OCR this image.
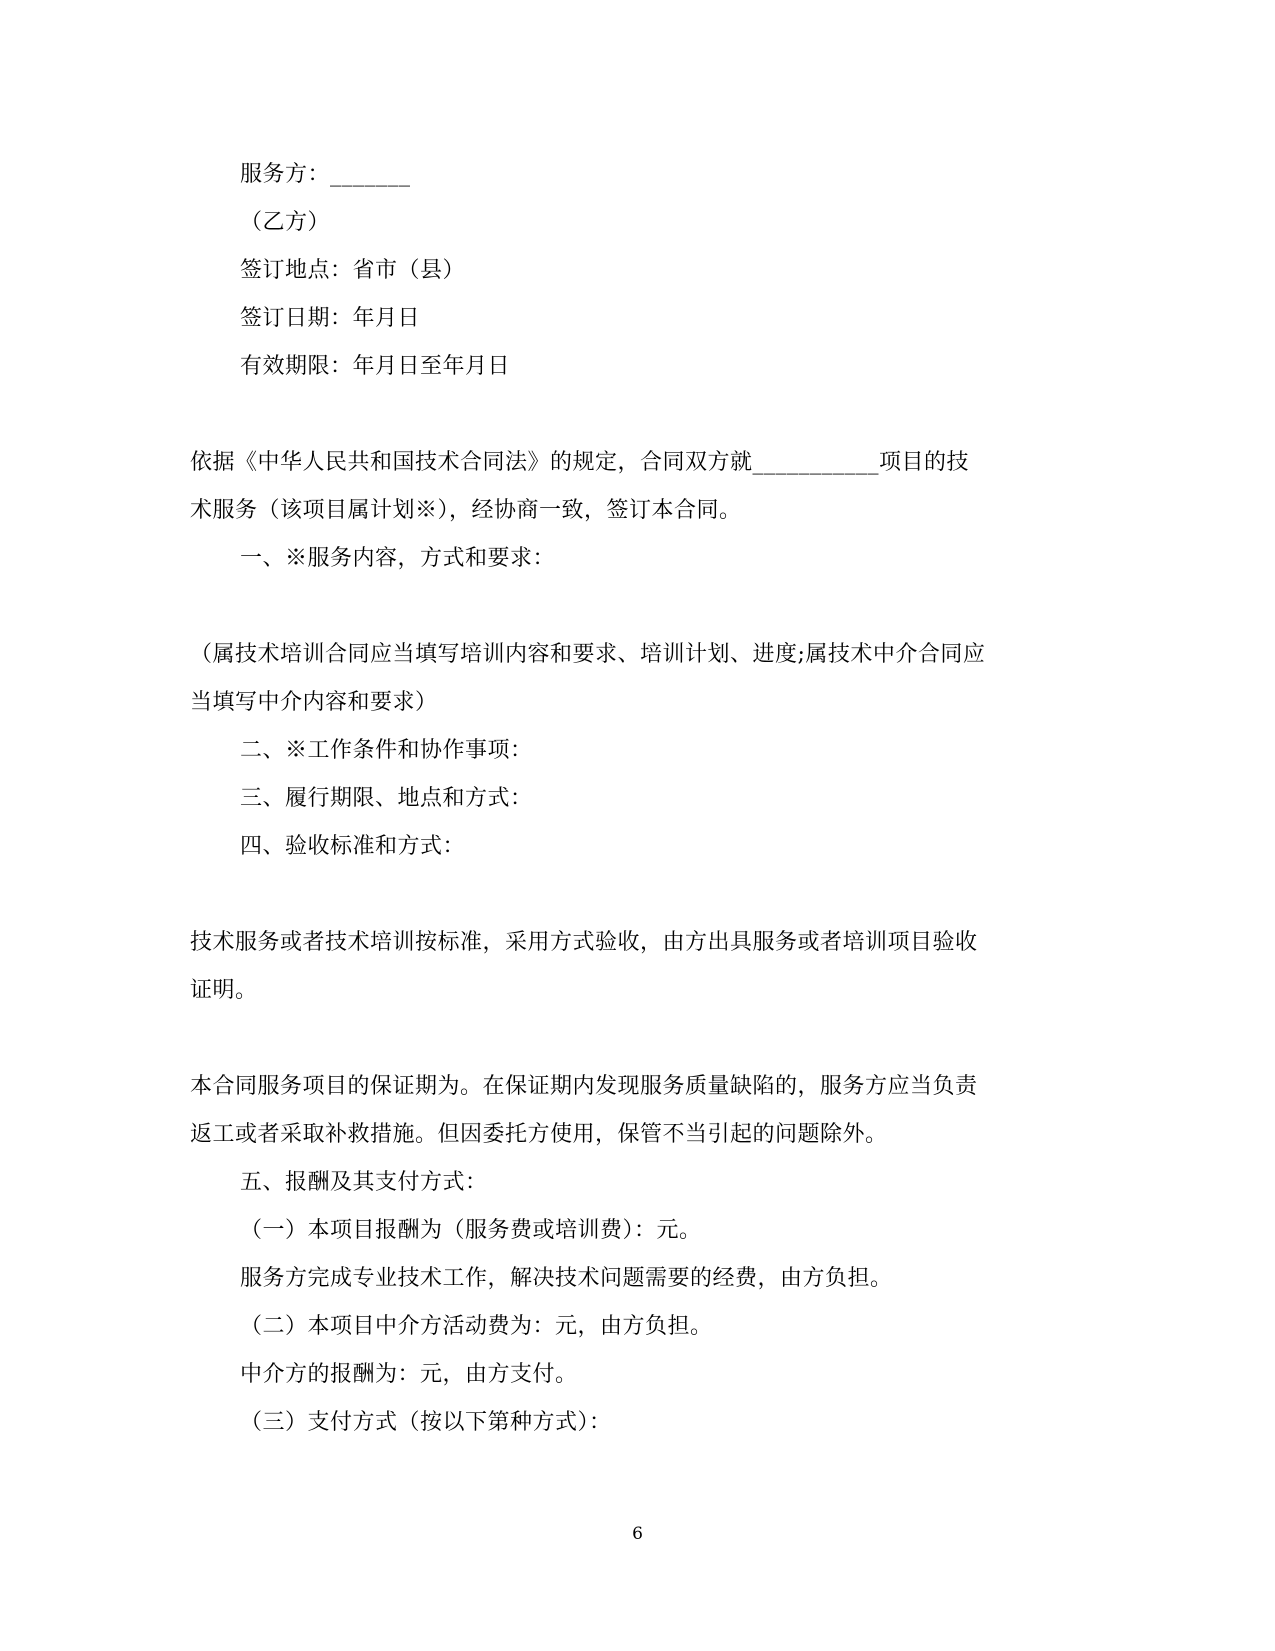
服务方：_______
（乙方）
签订地点：省市（县）
签订日期：年月日
有效期限：年月日至年月日
依据《中华人民共和国技术合同法》的规定，合同双方就___________项目的技
术服务（该项目属计划※），经协商一致，签订本合同。
一、※服务内容，方式和要求：
（属技术培训合同应当填写培训内容和要求、培训计划、进度;属技术中介合同应
当填写中介内容和要求）
二、※工作条件和协作事项：
三、履行期限、地点和方式：
四、验收标准和方式：
技术服务或者技术培训按标准，采用方式验收，由方出具服务或者培训项目验收
证明。
本合同服务项目的保证期为。在保证期内发现服务质量缺陷的，服务方应当负责
返工或者采取补救措施。但因委托方使用，保管不当引起的问题除外。
五、报酬及其支付方式：
（一）本项目报酬为（服务费或培训费）：元。
服务方完成专业技术工作，解决技术问题需要的经费，由方负担。
（二）本项目中介方活动费为：元，由方负担。
中介方的报酬为：元，由方支付。
（三）支付方式（按以下第种方式）：
6
